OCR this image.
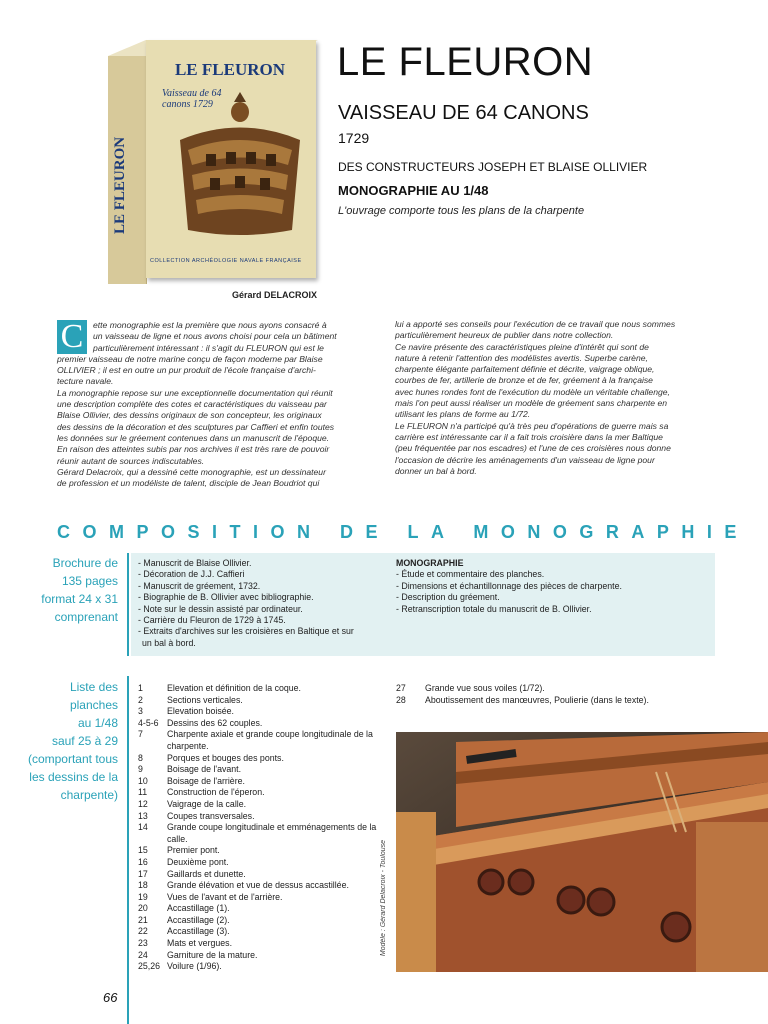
LE FLEURON
Vaisseau de 64 canons 1729
LE FLEURON
COLLECTION ARCHÉOLOGIE NAVALE FRANÇAISE
Gérard DELACROIX
LE FLEURON
VAISSEAU DE 64 CANONS
1729
DES CONSTRUCTEURS JOSEPH ET BLAISE OLLIVIER
MONOGRAPHIE AU 1/48
L'ouvrage comporte tous les plans de la charpente
C	ette monographie est la première que nous ayons consacré à
un vaisseau de ligne et nous avons choisi pour cela un bâtiment
particulièrement intéressant : il s'agit du FLEURON qui est le
premier vaisseau de notre marine conçu de façon moderne par Blaise
OLLIVIER ; il est en outre un pur produit de l'école française d'archi-
tecture navale.
La monographie repose sur une exceptionnelle documentation qui réunit
une description complète des cotes et caractéristiques du vaisseau par
Blaise Ollivier, des dessins originaux de son concepteur, les originaux
des dessins de la décoration et des sculptures par Caffieri et enfin toutes
les données sur le gréement contenues dans un manuscrit de l'époque.
En raison des atteintes subis par nos archives il est très rare de pouvoir
réunir autant de sources indiscutables.
Gérard Delacroix, qui a dessiné cette monographie, est un dessinateur
de profession et un modéliste de talent, disciple de Jean Boudriot qui
lui a apporté ses conseils pour l'exécution de ce travail que nous sommes
particulièrement heureux de publier dans notre collection.
Ce navire présente des caractéristiques pleine d'intérêt qui sont de
nature à retenir l'attention des modélistes avertis. Superbe carène,
charpente élégante parfaitement définie et décrite, vaigrage oblique,
courbes de fer, artillerie de bronze et de fer, gréement à la française
avec hunes rondes font de l'exécution du modèle un véritable challenge,
mais l'on peut aussi réaliser un modèle de gréement sans charpente en
utilisant les plans de forme au 1/72.
Le FLEURON n'a participé qu'à très peu d'opérations de guerre mais sa
carrière est intéressante car il a fait trois croisière dans la mer Baltique
(peu fréquentée par nos escadres) et l'une de ces croisières nous donne
l'occasion de décrire les aménagements d'un vaisseau de ligne pour
donner un bal à bord.
COMPOSITION DE LA MONOGRAPHIE
Brochure de
135 pages
format 24 x 31
comprenant
- Manuscrit de Blaise Ollivier.
- Décoration de J.J. Caffieri
- Manuscrit de gréement, 1732.
- Biographie de B. Ollivier avec bibliographie.
- Note sur le dessin assisté par ordinateur.
- Carrière du Fleuron de 1729 à 1745.
- Extraits d'archives sur les croisières en Baltique et sur
un bal à bord.
MONOGRAPHIE
- Étude et commentaire des planches.
- Dimensions et échantillonnage des pièces de charpente.
- Description du gréement.
- Retranscription totale du manuscrit de B. Ollivier.
Liste des
planches
au 1/48
sauf 25 à 29
(comportant tous
les dessins de la
charpente)
1	Elevation et définition de la coque.
2	Sections verticales.
3	Elevation boisée.
4-5-6 Dessins des 62 couples.
7	Charpente axiale et grande coupe longitudinale de la charpente.
8	Porques et bouges des ponts.
9	Boisage de l'avant.
10	Boisage de l'arrière.
11	Construction de l'éperon.
12	Vaigrage de la calle.
13	Coupes transversales.
14	Grande coupe longitudinale et emménagements de la calle.
15	Premier pont.
16	Deuxième pont.
17	Gaillards et dunette.
18	Grande élévation et vue de dessus accastillée.
19	Vues de l'avant et de l'arrière.
20	Accastillage (1).
21	Accastillage (2).
22	Accastillage (3).
23	Mats et vergues.
24	Garniture de la mature.
25,26 Voilure (1/96).
27	Grande vue sous voiles (1/72).
28	Aboutissement des manœuvres, Poulierie (dans le texte).
Modèle : Gérard Delacroix - Toulouse
66
